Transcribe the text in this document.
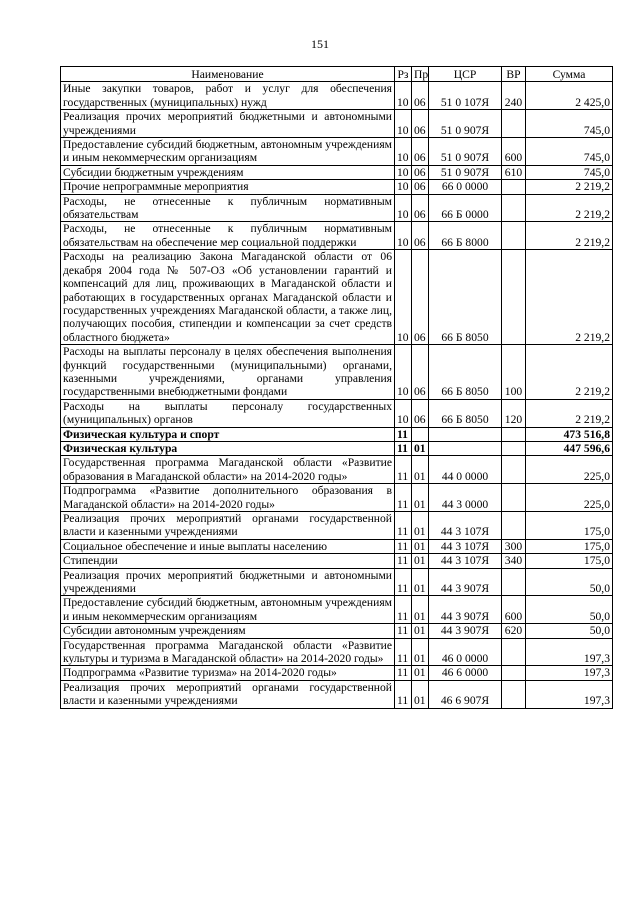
151
Наименование	Рз	Пр	ЦСР	ВР	Сумма
Иные закупки товаров, работ и услуг для обеспечения государственных (муниципальных) нужд	10	06	51 0 107Я	240	2 425,0
Реализация прочих мероприятий бюджетными и автономными учреждениями	10	06	51 0 907Я		745,0
Предоставление субсидий бюджетным, автономным учреждениям и иным некоммерческим организациям	10	06	51 0 907Я	600	745,0
Субсидии бюджетным учреждениям	10	06	51 0 907Я	610	745,0
Прочие непрограммные мероприятия	10	06	66 0 0000		2 219,2
Расходы, не отнесенные к публичным нормативным обязательствам	10	06	66 Б 0000		2 219,2
Расходы, не отнесенные к публичным нормативным обязательствам на обеспечение мер социальной поддержки	10	06	66 Б 8000		2 219,2
Расходы на реализацию Закона Магаданской области от 06 декабря 2004 года № 507-ОЗ «Об установлении гарантий и компенсаций для лиц, проживающих в Магаданской области и работающих в государственных органах Магаданской области и государственных учреждениях Магаданской области, а также лиц, получающих пособия, стипендии и компенсации за счет средств областного бюджета»	10	06	66 Б 8050		2 219,2
Расходы на выплаты персоналу в целях обеспечения выполнения функций государственными (муниципальными) органами, казенными учреждениями, органами управления государственными внебюджетными фондами	10	06	66 Б 8050	100	2 219,2
Расходы на выплаты персоналу государственных (муниципальных) органов	10	06	66 Б 8050	120	2 219,2
Физическая культура и спорт	11				473 516,8
Физическая культура	11	01			447 596,6
Государственная программа Магаданской области «Развитие образования в Магаданской области» на 2014-2020 годы»	11	01	44 0 0000		225,0
Подпрограмма «Развитие дополнительного образования в Магаданской области» на 2014-2020 годы»	11	01	44 3 0000		225,0
Реализация прочих мероприятий органами государственной власти и казенными учреждениями	11	01	44 3 107Я		175,0
Социальное обеспечение и иные выплаты населению	11	01	44 3 107Я	300	175,0
Стипендии	11	01	44 3 107Я	340	175,0
Реализация прочих мероприятий бюджетными и автономными учреждениями	11	01	44 3 907Я		50,0
Предоставление субсидий бюджетным, автономным учреждениям и иным некоммерческим организациям	11	01	44 3 907Я	600	50,0
Субсидии автономным учреждениям	11	01	44 3 907Я	620	50,0
Государственная программа Магаданской области «Развитие культуры и туризма в Магаданской области» на 2014-2020 годы»	11	01	46 0 0000		197,3
Подпрограмма «Развитие туризма» на 2014-2020 годы»	11	01	46 6 0000		197,3
Реализация прочих мероприятий органами государственной власти и казенными учреждениями	11	01	46 6 907Я		197,3
